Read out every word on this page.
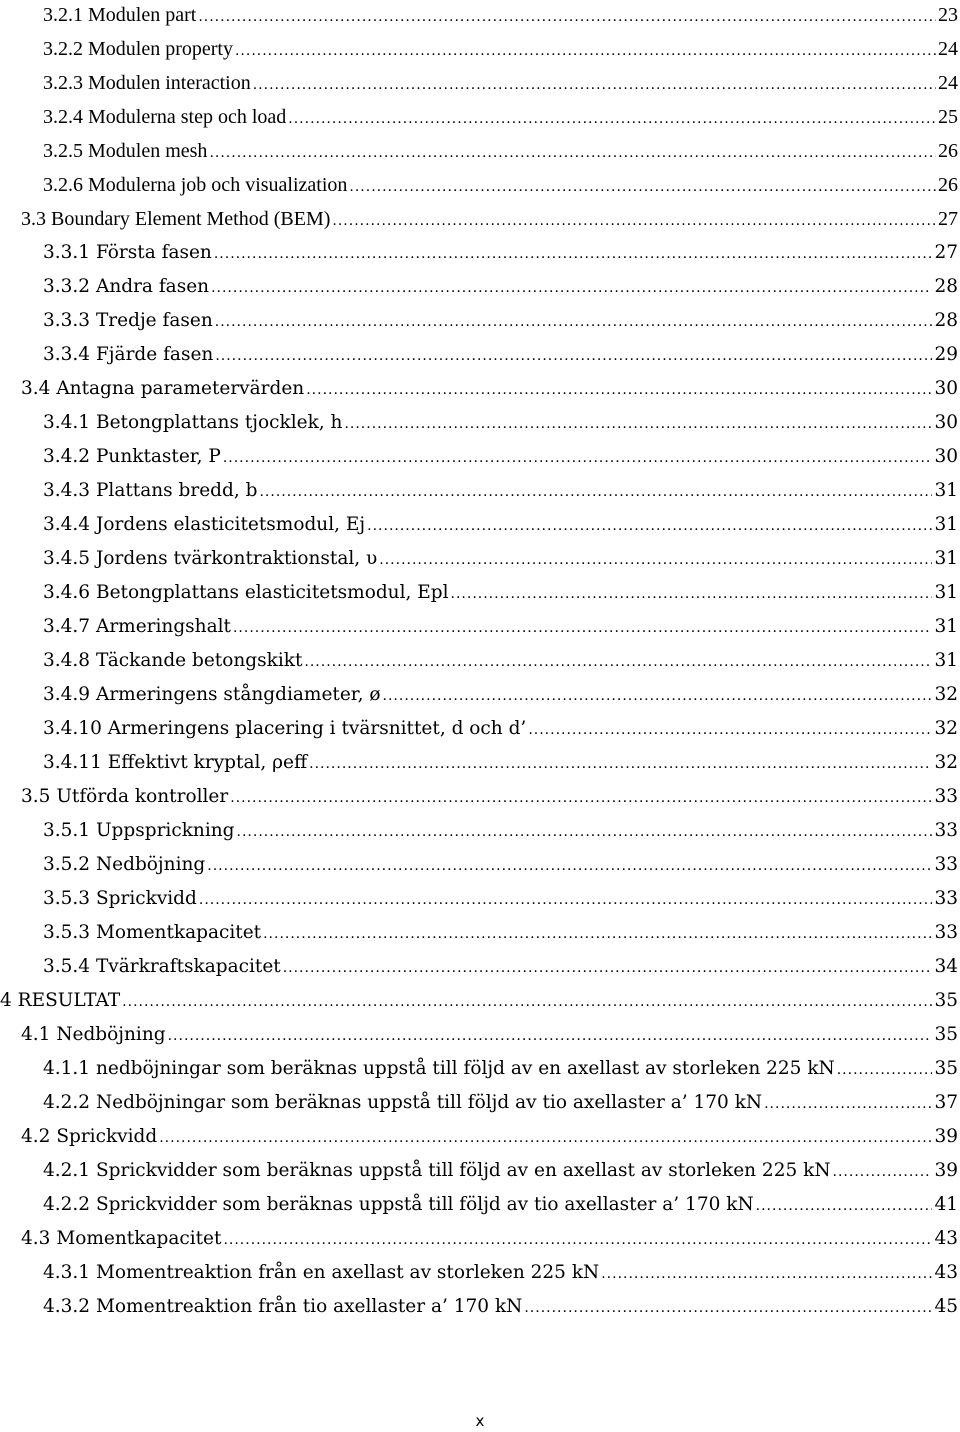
3.2.1 Modulen part .....	23
3.2.2 Modulen property .....	24
3.2.3 Modulen interaction .....	24
3.2.4 Modulerna step och load .....	25
3.2.5 Modulen mesh .....	26
3.2.6 Modulerna job och visualization .....	26
3.3 Boundary Element Method (BEM) .....	27
3.3.1 Första fasen .....	27
3.3.2 Andra fasen .....	28
3.3.3 Tredje fasen .....	28
3.3.4 Fjärde fasen .....	29
3.4 Antagna parametervärden .....	30
3.4.1 Betongplattans tjocklek, h .....	30
3.4.2 Punktaster, P .....	30
3.4.3 Plattans bredd, b .....	31
3.4.4 Jordens elasticitetsmodul, Ej .....	31
3.4.5 Jordens tvärkontraktionstal, υ .....	31
3.4.6 Betongplattans elasticitetsmodul, Epl .....	31
3.4.7 Armeringshalt .....	31
3.4.8 Täckande betongskikt .....	31
3.4.9 Armeringens stångdiameter, ø .....	32
3.4.10 Armeringens placering i tvärsnittet, d och d’ .....	32
3.4.11 Effektivt kryptal, ρeff .....	32
3.5 Utförda kontroller .....	33
3.5.1 Uppsprickning .....	33
3.5.2 Nedböjning .....	33
3.5.3 Sprickvidd .....	33
3.5.3 Momentkapacitet .....	33
3.5.4 Tvärkraftskapacitet .....	34
4 RESULTAT .....	35
4.1 Nedböjning .....	35
4.1.1 nedböjningar som beräknas uppstå till följd av en axellast av storleken 225 kN .....	35
4.2.2 Nedböjningar som beräknas uppstå till följd av tio axellaster a’ 170 kN .....	37
4.2 Sprickvidd .....	39
4.2.1 Sprickvidder som beräknas uppstå till följd av en axellast av storleken 225 kN .....	39
4.2.2 Sprickvidder som beräknas uppstå till följd av tio axellaster a’ 170 kN .....	41
4.3 Momentkapacitet .....	43
4.3.1 Momentreaktion från en axellast av storleken 225 kN .....	43
4.3.2 Momentreaktion från tio axellaster a’ 170 kN .....	45
x
